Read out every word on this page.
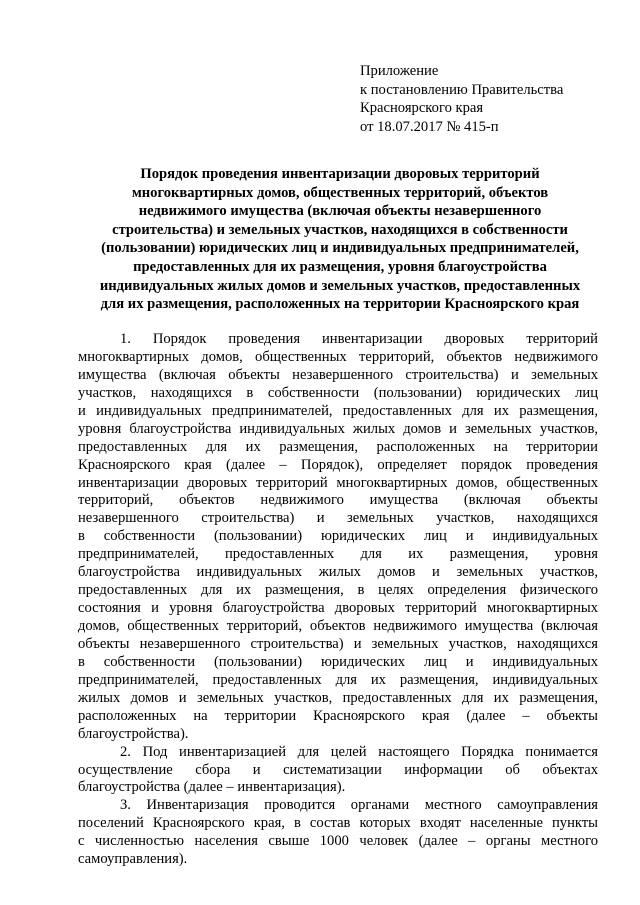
Приложение
к постановлению Правительства
Красноярского края
от 18.07.2017 № 415-п
Порядок проведения инвентаризации дворовых территорий
многоквартирных домов, общественных территорий, объектов
недвижимого имущества (включая объекты незавершенного
строительства) и земельных участков, находящихся в собственности
(пользовании) юридических лиц и индивидуальных предпринимателей,
предоставленных для их размещения, уровня благоустройства
индивидуальных жилых домов и земельных участков, предоставленных
для их размещения, расположенных на территории Красноярского края
1. Порядок проведения инвентаризации дворовых территорий
многоквартирных домов, общественных территорий, объектов недвижимого
имущества (включая объекты незавершенного строительства) и земельных
участков, находящихся в собственности (пользовании) юридических лиц
и индивидуальных предпринимателей, предоставленных для их размещения,
уровня благоустройства индивидуальных жилых домов и земельных участков,
предоставленных для их размещения, расположенных на территории
Красноярского края (далее – Порядок), определяет порядок проведения
инвентаризации дворовых территорий многоквартирных домов, общественных
территорий, объектов недвижимого имущества (включая объекты
незавершенного строительства) и земельных участков, находящихся
в собственности (пользовании) юридических лиц и индивидуальных
предпринимателей, предоставленных для их размещения, уровня
благоустройства индивидуальных жилых домов и земельных участков,
предоставленных для их размещения, в целях определения физического
состояния и уровня благоустройства дворовых территорий многоквартирных
домов, общественных территорий, объектов недвижимого имущества (включая
объекты незавершенного строительства) и земельных участков, находящихся
в собственности (пользовании) юридических лиц и индивидуальных
предпринимателей, предоставленных для их размещения, индивидуальных
жилых домов и земельных участков, предоставленных для их размещения,
расположенных на территории Красноярского края (далее – объекты
благоустройства).
2. Под инвентаризацией для целей настоящего Порядка понимается
осуществление сбора и систематизации информации об объектах
благоустройства (далее – инвентаризация).
3. Инвентаризация проводится органами местного самоуправления
поселений Красноярского края, в состав которых входят населенные пункты
с численностью населения свыше 1000 человек (далее – органы местного
самоуправления).
